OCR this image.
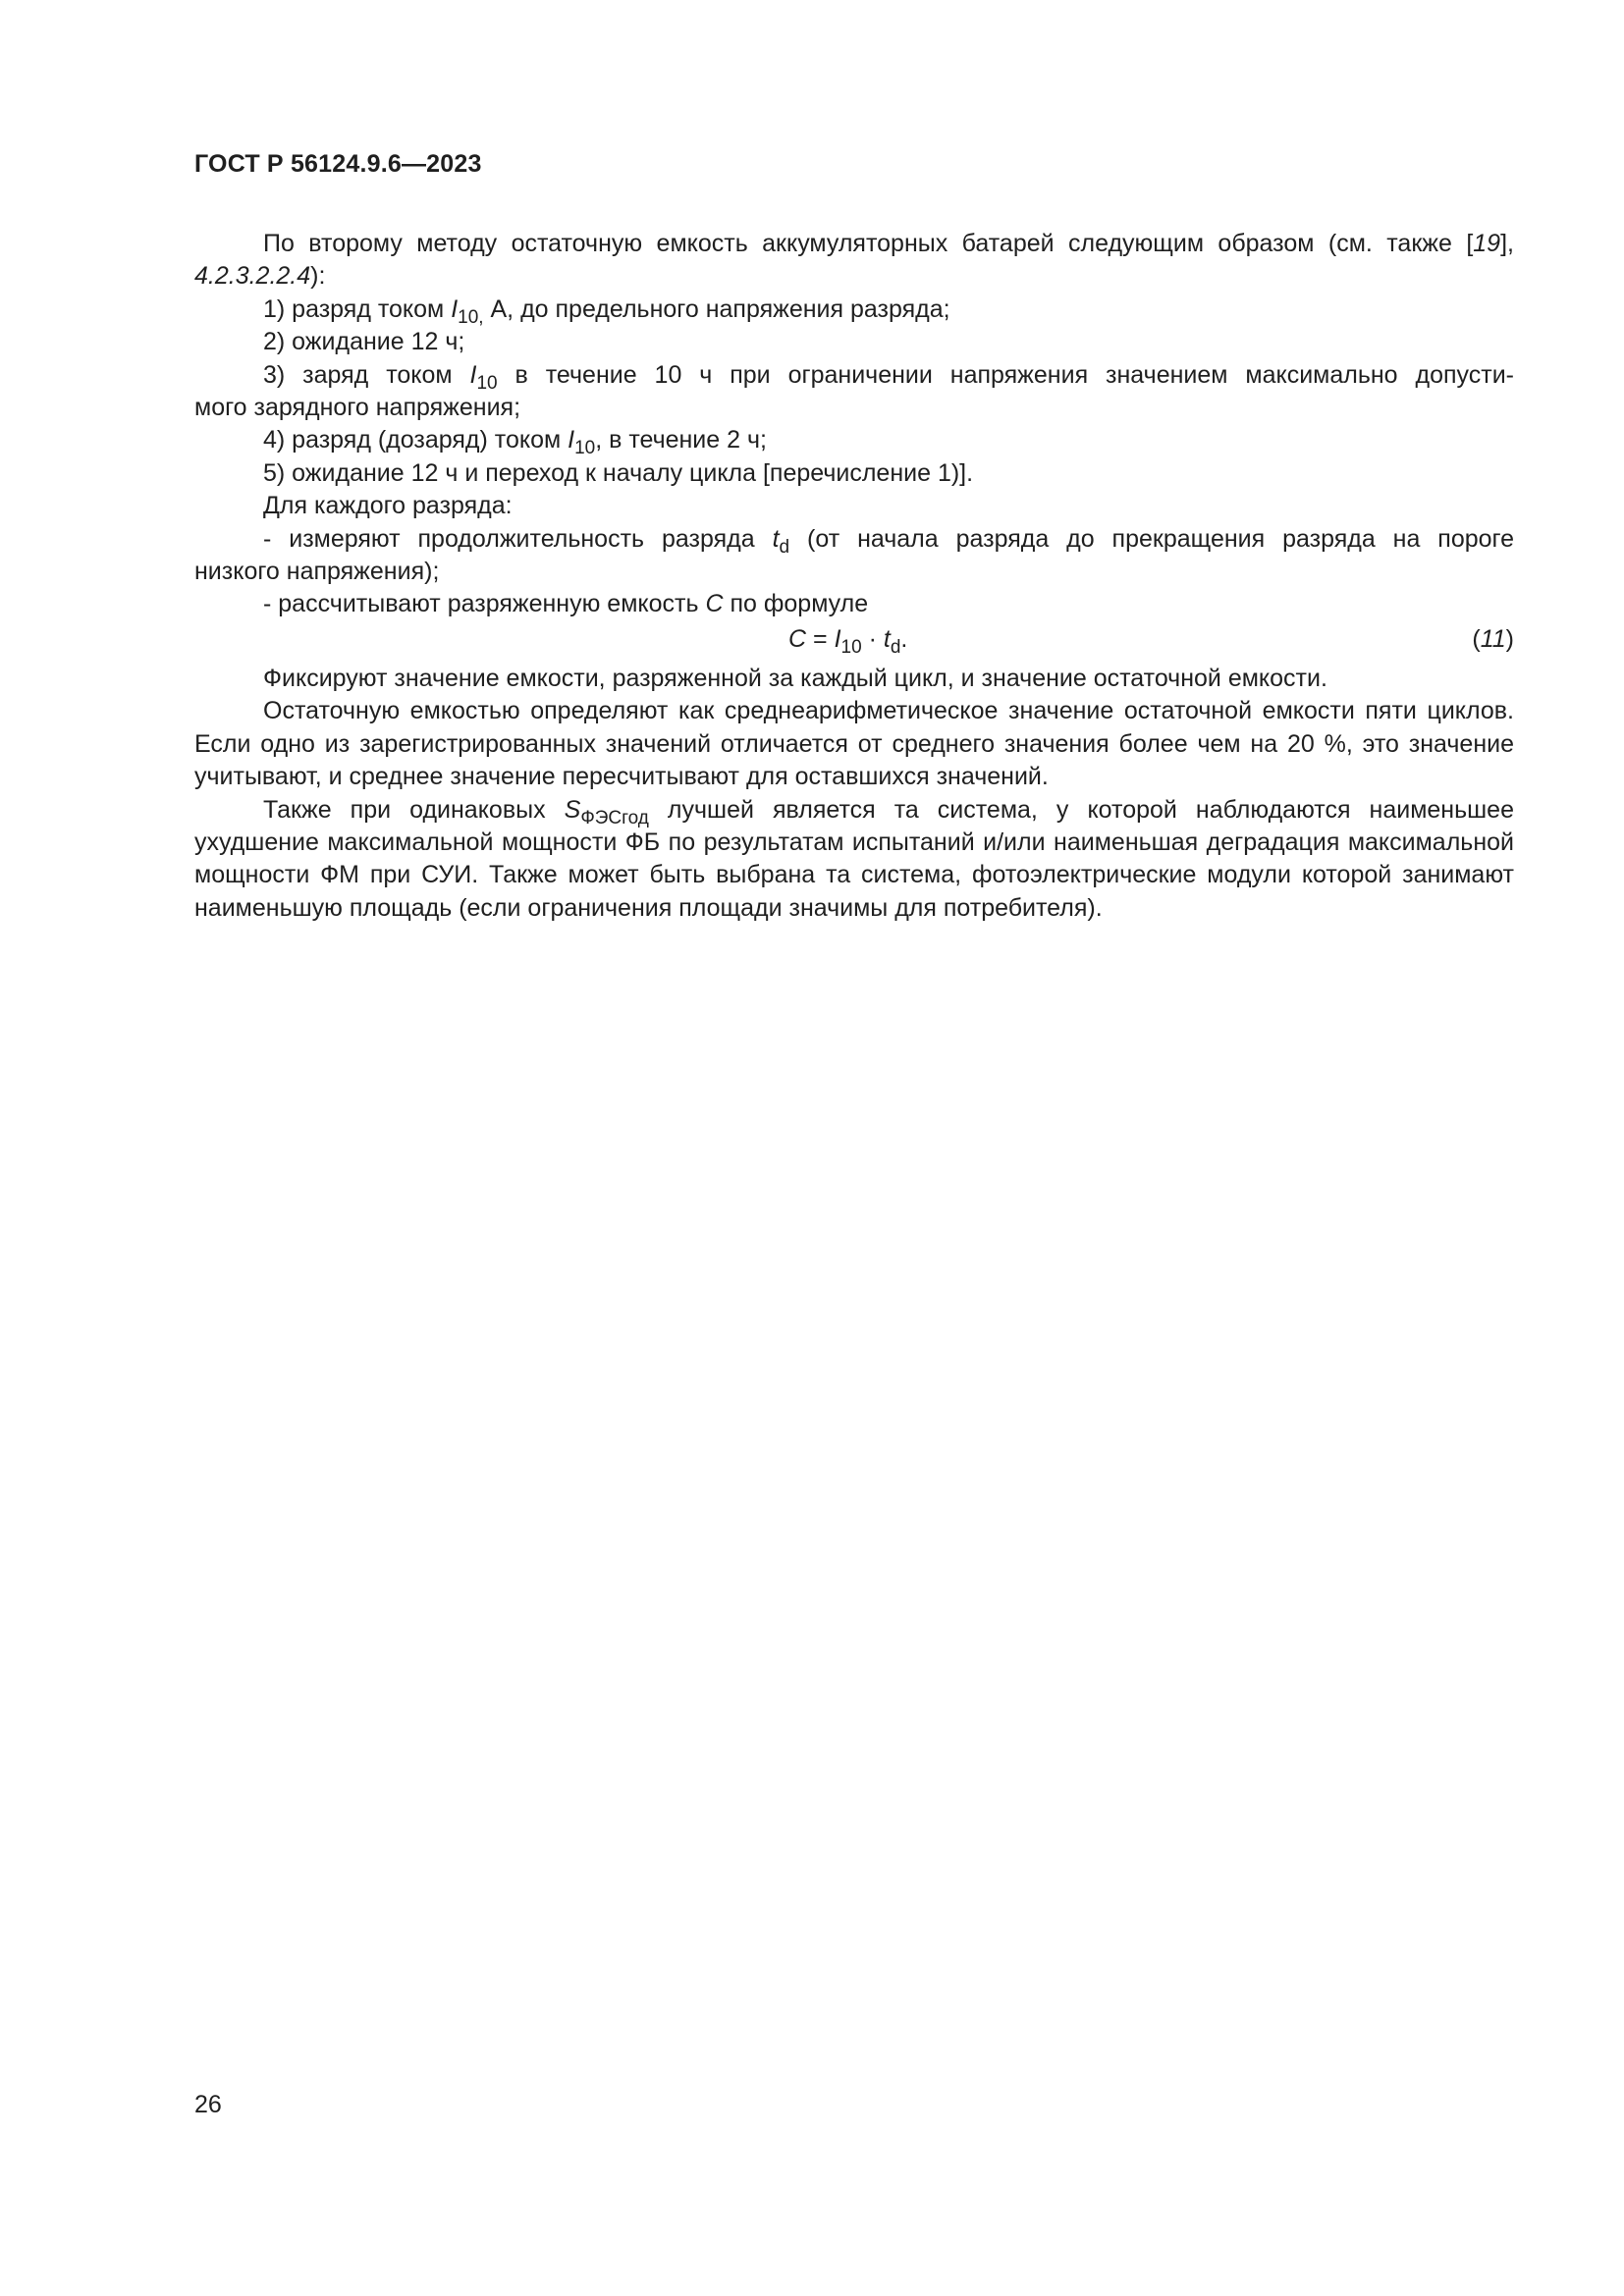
ГОСТ Р 56124.9.6—2023

По второму методу остаточную емкость аккумуляторных батарей следующим образом (см. также [19], 4.2.3.2.2.4):

1) разряд током $I_{10,}$ А, до предельного напряжения разряда;

2) ожидание 12 ч;

3) заряд током $I_{10}$ в течение 10 ч при ограничении напряжения значением максимально допусти-

мого зарядного напряжения;

4) разряд (дозаряд) током $I_{10}$, в течение 2 ч;

5) ожидание 12 ч и переход к началу цикла [перечисление 1)].

Для каждого разряда:

- измеряют продолжительность разряда $t_d$ (от начала разряда до прекращения разряда на пороге

низкого напряжения);

- рассчитывают разряженную емкость C по формуле

$C = I_{10} \cdot t_d$.	(11)

Фиксируют значение емкости, разряженной за каждый цикл, и значение остаточной емкости.

Остаточную емкостью определяют как среднеарифметическое значение остаточной емкости пяти циклов. Если одно из зарегистрированных значений отличается от среднего значения более чем на 20 %, это значение учитывают, и среднее значение пересчитывают для оставшихся значений.

Также при одинаковых $S_{ФЭСгод}$ лучшей является та система, у которой наблюдаются наименьшее ухудшение максимальной мощности ФБ по результатам испытаний и/или наименьшая деградация максимальной мощности ФМ при СУИ. Также может быть выбрана та система, фотоэлектрические модули которой занимают наименьшую площадь (если ограничения площади значимы для потребителя).

26
